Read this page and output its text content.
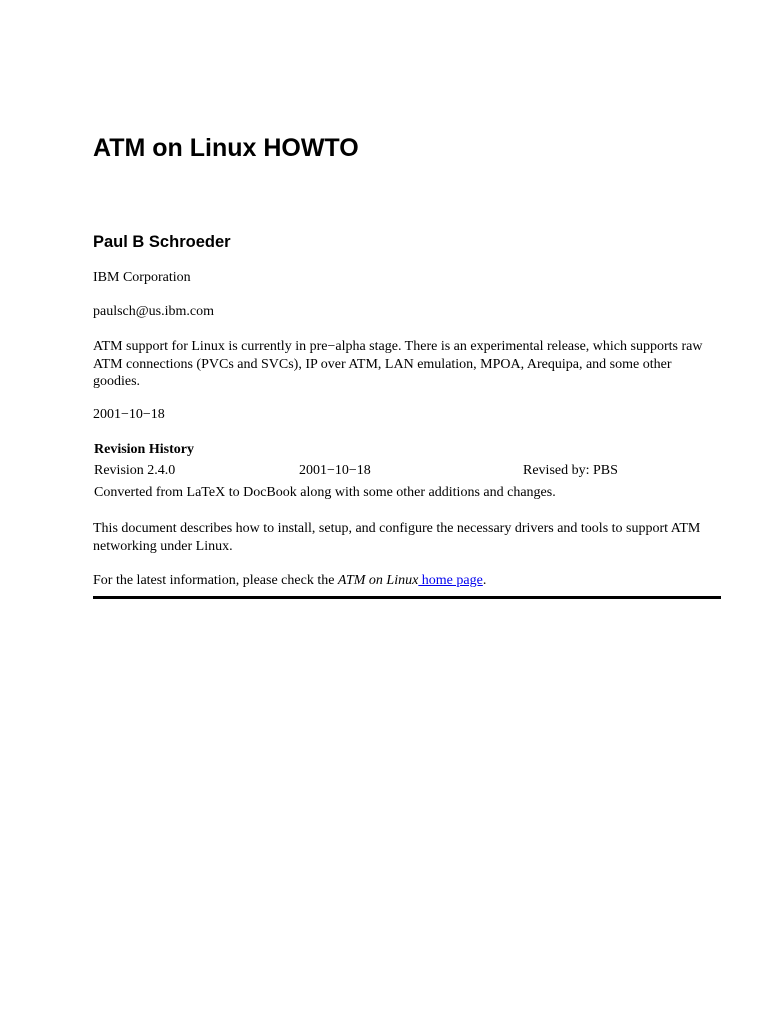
ATM on Linux HOWTO
Paul B Schroeder

IBM Corporation

paulsch@us.ibm.com

ATM support for Linux is currently in pre−alpha stage. There is an experimental release, which supports raw ATM connections (PVCs and SVCs), IP over ATM, LAN emulation, MPOA, Arequipa, and some other goodies.

2001−10−18

Revision History

Revision 2.4.0	2001−10−18	Revised by: PBS

Converted from LaTeX to DocBook along with some other additions and changes.

This document describes how to install, setup, and configure the necessary drivers and tools to support ATM networking under Linux.

For the latest information, please check the ATM on Linux home page.
